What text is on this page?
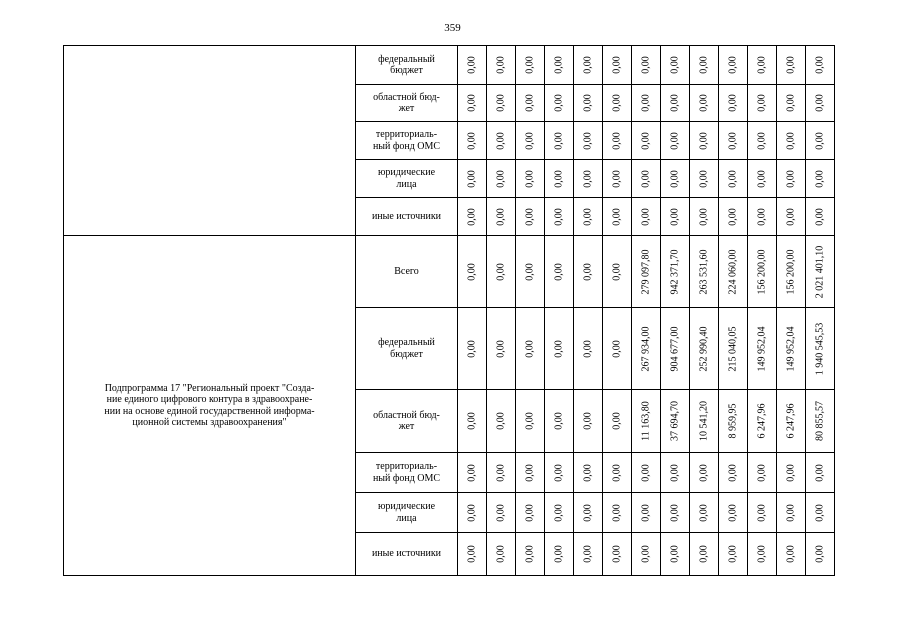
359
	федеральный
бюджет	0,00	0,00	0,00	0,00	0,00	0,00	0,00	0,00	0,00	0,00	0,00	0,00	0,00

	областной бюд-
жет	0,00	0,00	0,00	0,00	0,00	0,00	0,00	0,00	0,00	0,00	0,00	0,00	0,00

	территориаль-
ный фонд ОМС	0,00	0,00	0,00	0,00	0,00	0,00	0,00	0,00	0,00	0,00	0,00	0,00	0,00

	юридические
лица	0,00	0,00	0,00	0,00	0,00	0,00	0,00	0,00	0,00	0,00	0,00	0,00	0,00

	иные источники	0,00	0,00	0,00	0,00	0,00	0,00	0,00	0,00	0,00	0,00	0,00	0,00	0,00

Подпрограмма 17 "Региональный проект "Созда-
ние единого цифрового контура в здравоохране-
нии на основе единой государственной информа-
ционной системы здравоохранения"	Всего	0,00	0,00	0,00	0,00	0,00	0,00	279 097,80	942 371,70	263 531,60	224 060,00	156 200,00	156 200,00	2 021 401,10

	федеральный
бюджет	0,00	0,00	0,00	0,00	0,00	0,00	267 934,00	904 677,00	252 990,40	215 040,05	149 952,04	149 952,04	1 940 545,53

	областной бюд-
жет	0,00	0,00	0,00	0,00	0,00	0,00	11 163,80	37 694,70	10 541,20	8 959,95	6 247,96	6 247,96	80 855,57

	территориаль-
ный фонд ОМС	0,00	0,00	0,00	0,00	0,00	0,00	0,00	0,00	0,00	0,00	0,00	0,00	0,00

	юридические
лица	0,00	0,00	0,00	0,00	0,00	0,00	0,00	0,00	0,00	0,00	0,00	0,00	0,00

	иные источники	0,00	0,00	0,00	0,00	0,00	0,00	0,00	0,00	0,00	0,00	0,00	0,00	0,00
